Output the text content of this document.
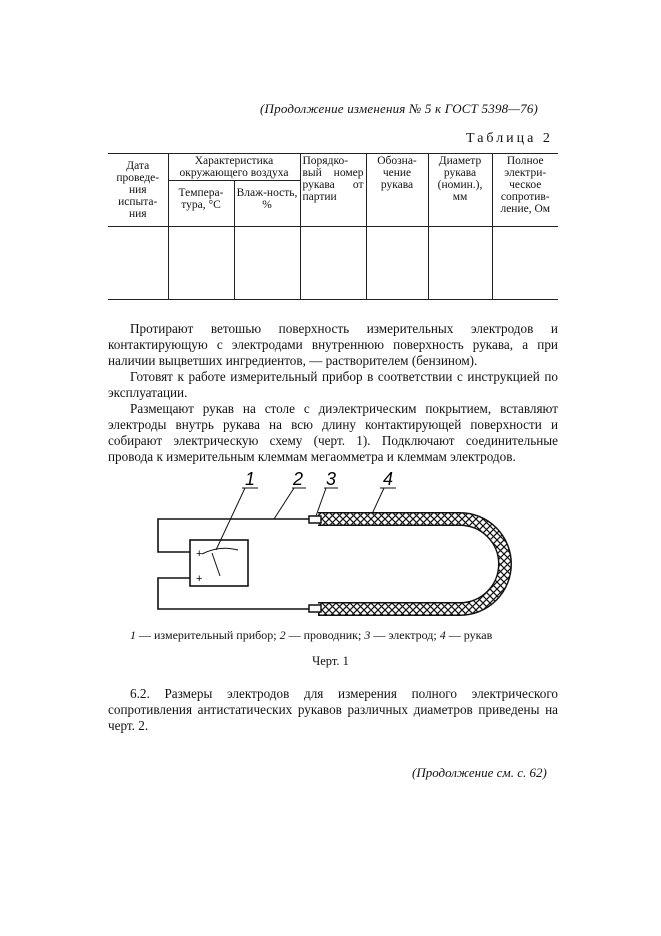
(Продолжение изменения № 5 к ГОСТ 5398—76)
Таблица 2
Дата проведе-ния испыта-ния	Характеристика окружающего воздуха		Порядко-вый номер рукава от партии	Обозна-чение рукава	Диаметр рукава (номин.), мм	Полное электри-ческое сопротив-ление, Ом
	Темпера-тура, °С	Влаж-ность, %				

Протирают ветошью поверхность измерительных электродов и контактирующую с электродами внутреннюю поверхность рукава, а при наличии выцветших ингредиентов, — растворителем (бензином).

Готовят к работе измерительный прибор в соответствии с инструкцией по эксплуатации.

Размещают рукав на столе с диэлектрическим покрытием, вставляют электроды внутрь рукава на всю длину контактирующей поверхности и собирают электрическую схему (черт. 1). Подключают соединительные провода к измерительным клеммам мегаомметра и клеммам электродов.

+
+
1 2 3	4
1 — измерительный прибор; 2 — проводник; 3 — электрод; 4 — рукав
Черт. 1

6.2. Размеры электродов для измерения полного электрического сопротивления антистатических рукавов различных диаметров приведены на черт. 2.

(Продолжение см. с. 62)
